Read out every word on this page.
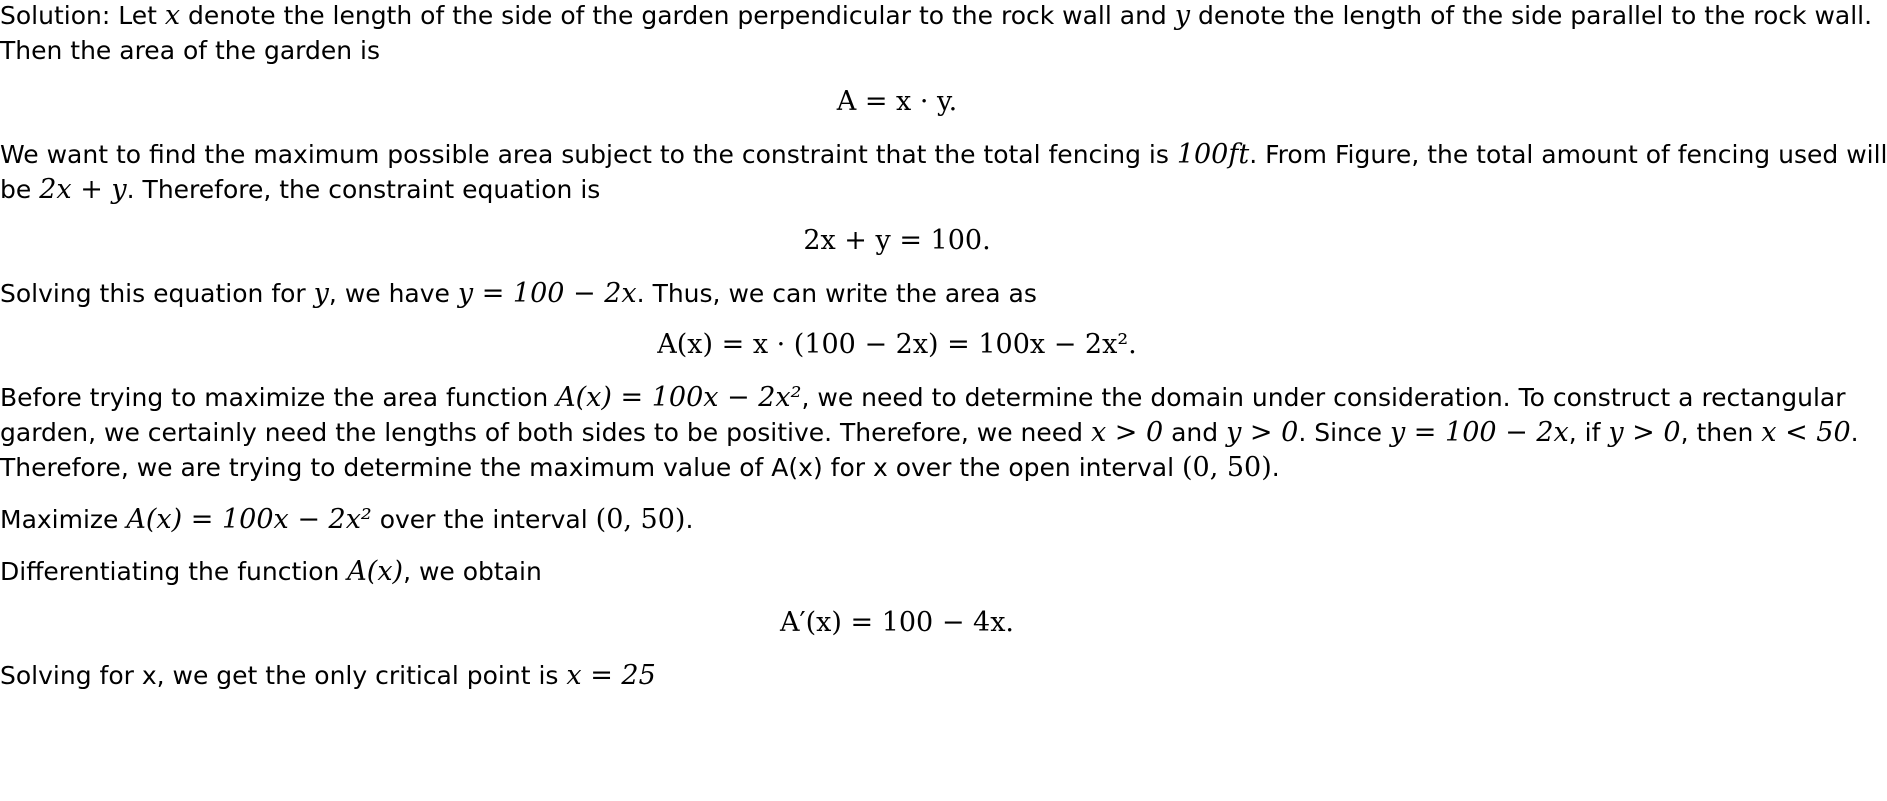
Solution: Let x denote the length of the side of the garden perpendicular to the rock wall and y denote the length of the side parallel to the rock wall.
Then the area of the garden is
A = x · y.
We want to find the maximum possible area subject to the constraint that the total fencing is 100ft. From Figure, the total amount of fencing used will
be 2x + y. Therefore, the constraint equation is
2x + y = 100.
Solving this equation for y, we have y = 100 − 2x. Thus, we can write the area as
A(x) = x · (100 − 2x) = 100x − 2x².
Before trying to maximize the area function A(x) = 100x − 2x², we need to determine the domain under consideration. To construct a rectangular
garden, we certainly need the lengths of both sides to be positive. Therefore, we need x > 0 and y > 0. Since y = 100 − 2x, if y > 0, then x < 50.
Therefore, we are trying to determine the maximum value of A(x) for x over the open interval (0, 50).
Maximize A(x) = 100x − 2x² over the interval (0, 50).
Differentiating the function A(x), we obtain
A′(x) = 100 − 4x.
Solving for x, we get the only critical point is x = 25
